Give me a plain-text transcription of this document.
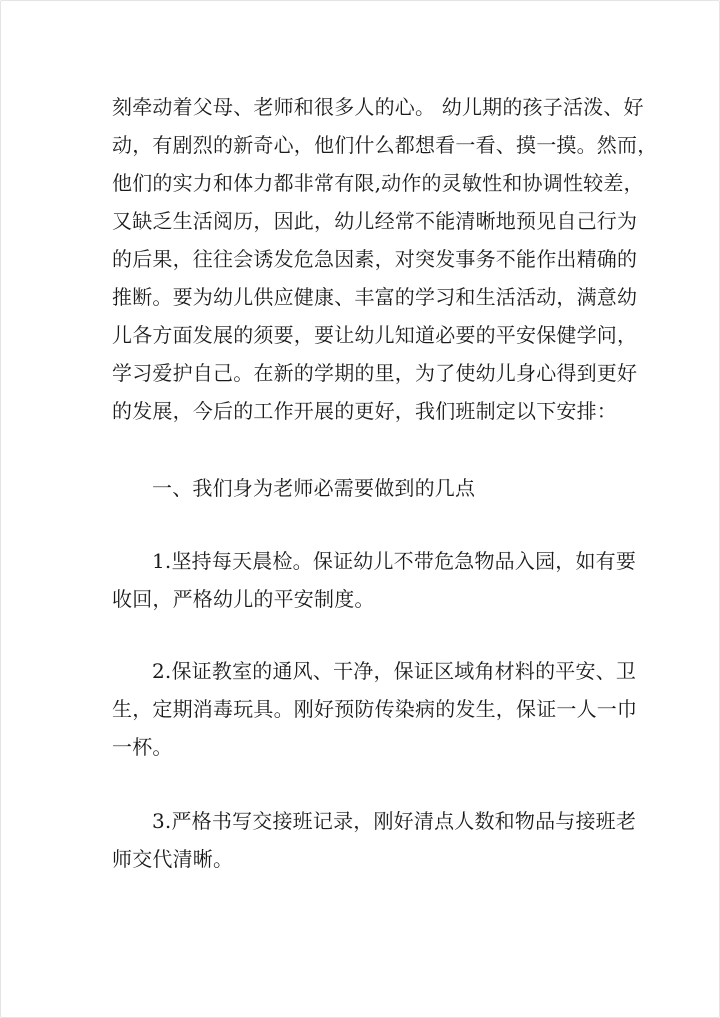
刻牵动着父母、老师和很多人的心。 幼儿期的孩子活泼、好
动，有剧烈的新奇心，他们什么都想看一看、摸一摸。然而，
他们的实力和体力都非常有限,动作的灵敏性和协调性较差，
又缺乏生活阅历，因此，幼儿经常不能清晰地预见自己行为
的后果，往往会诱发危急因素，对突发事务不能作出精确的
推断。要为幼儿供应健康、丰富的学习和生活活动，满意幼
儿各方面发展的须要，要让幼儿知道必要的平安保健学问，
学习爱护自己。在新的学期的里，为了使幼儿身心得到更好
的发展，今后的工作开展的更好，我们班制定以下安排：
一、我们身为老师必需要做到的几点
1.坚持每天晨检。保证幼儿不带危急物品入园，如有要
收回，严格幼儿的平安制度。
2.保证教室的通风、干净，保证区域角材料的平安、卫
生，定期消毒玩具。刚好预防传染病的发生，保证一人一巾
一杯。
3.严格书写交接班记录，刚好清点人数和物品与接班老
师交代清晰。
